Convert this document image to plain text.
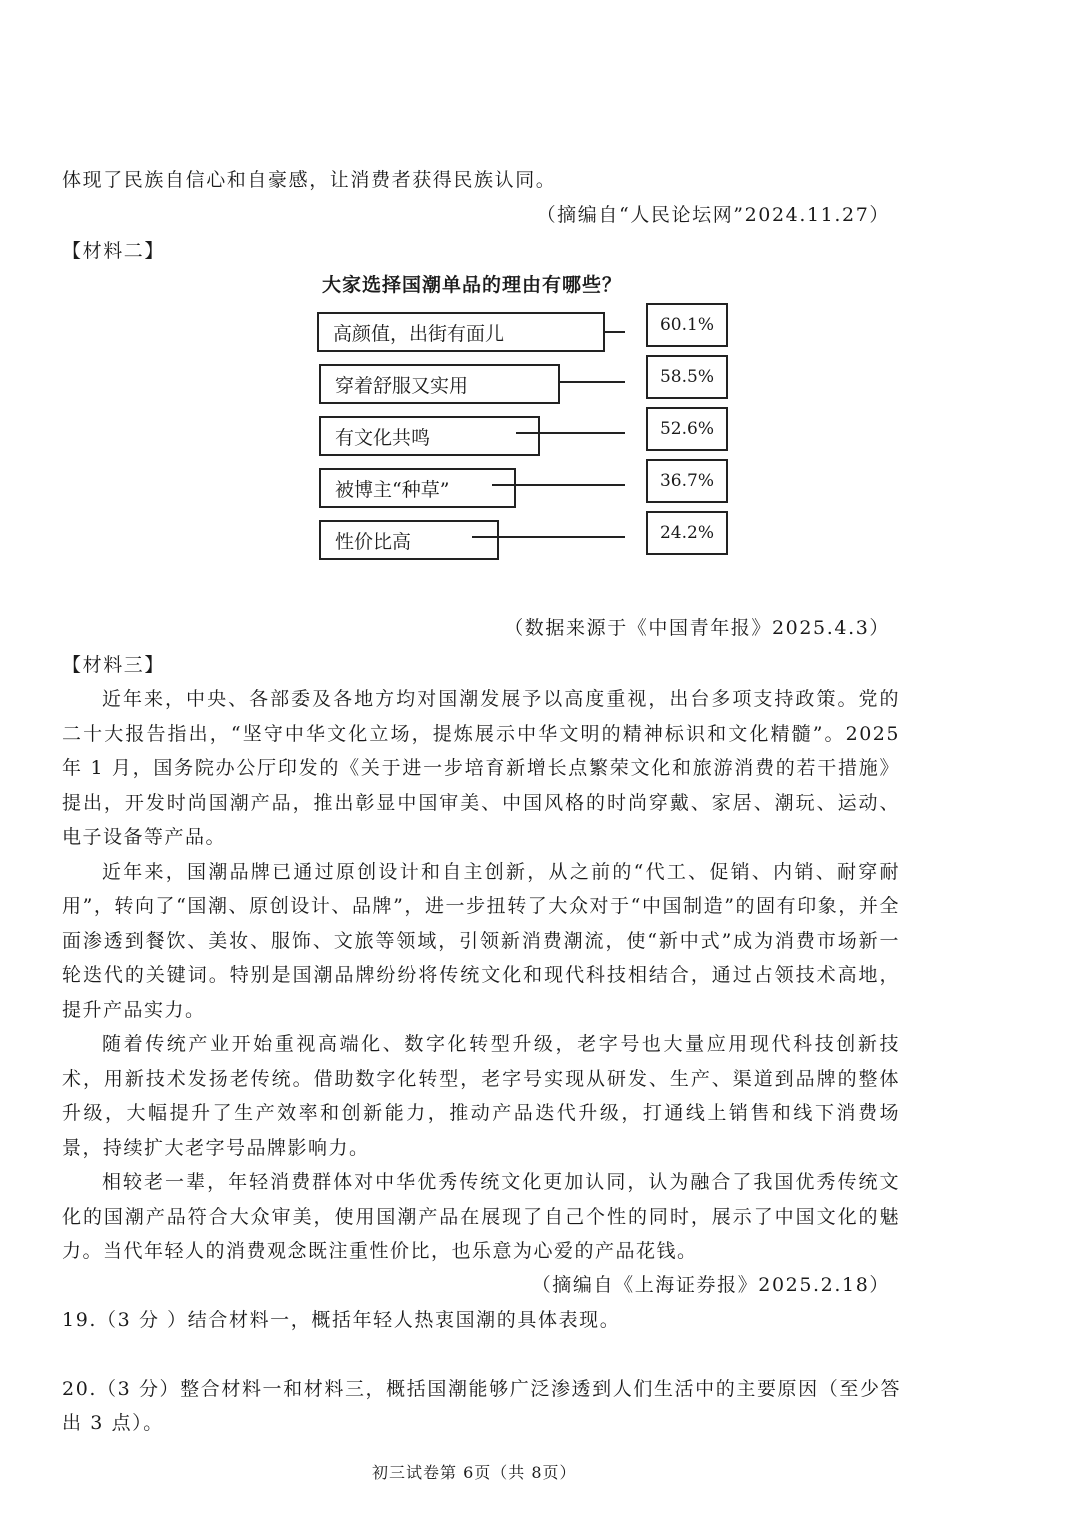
体现了民族自信心和自豪感，让消费者获得民族认同。

（摘编自“人民论坛网”2024.11.27）

【材料二】

大家选择国潮单品的理由有哪些？

高颜值，出街有面儿	60.1%
穿着舒服又实用	58.5%
有文化共鸣	52.6%
被博主“种草”	36.7%
性价比高	24.2%

（数据来源于《中国青年报》2025.4.3）

【材料三】

近年来，中央、各部委及各地方均对国潮发展予以高度重视，出台多项支持政策。党的二十大报告指出，“坚守中华文化立场，提炼展示中华文明的精神标识和文化精髓”。2025 年 1 月，国务院办公厅印发的《关于进一步培育新增长点繁荣文化和旅游消费的若干措施》提出，开发时尚国潮产品，推出彰显中国审美、中国风格的时尚穿戴、家居、潮玩、运动、电子设备等产品。

近年来，国潮品牌已通过原创设计和自主创新，从之前的“代工、促销、内销、耐穿耐用”，转向了“国潮、原创设计、品牌”，进一步扭转了大众对于“中国制造”的固有印象，并全面渗透到餐饮、美妆、服饰、文旅等领域，引领新消费潮流，使“新中式”成为消费市场新一轮迭代的关键词。特别是国潮品牌纷纷将传统文化和现代科技相结合，通过占领技术高地，提升产品实力。

随着传统产业开始重视高端化、数字化转型升级，老字号也大量应用现代科技创新技术，用新技术发扬老传统。借助数字化转型，老字号实现从研发、生产、渠道到品牌的整体升级，大幅提升了生产效率和创新能力，推动产品迭代升级，打通线上销售和线下消费场景，持续扩大老字号品牌影响力。

相较老一辈，年轻消费群体对中华优秀传统文化更加认同，认为融合了我国优秀传统文化的国潮产品符合大众审美，使用国潮产品在展现了自己个性的同时，展示了中国文化的魅力。当代年轻人的消费观念既注重性价比，也乐意为心爱的产品花钱。

（摘编自《上海证券报》2025.2.18）

19.（3 分 ）结合材料一，概括年轻人热衷国潮的具体表现。

20.（3 分）整合材料一和材料三，概括国潮能够广泛渗透到人们生活中的主要原因（至少答

出 3 点）。

初三试卷第 6页（共 8页）
